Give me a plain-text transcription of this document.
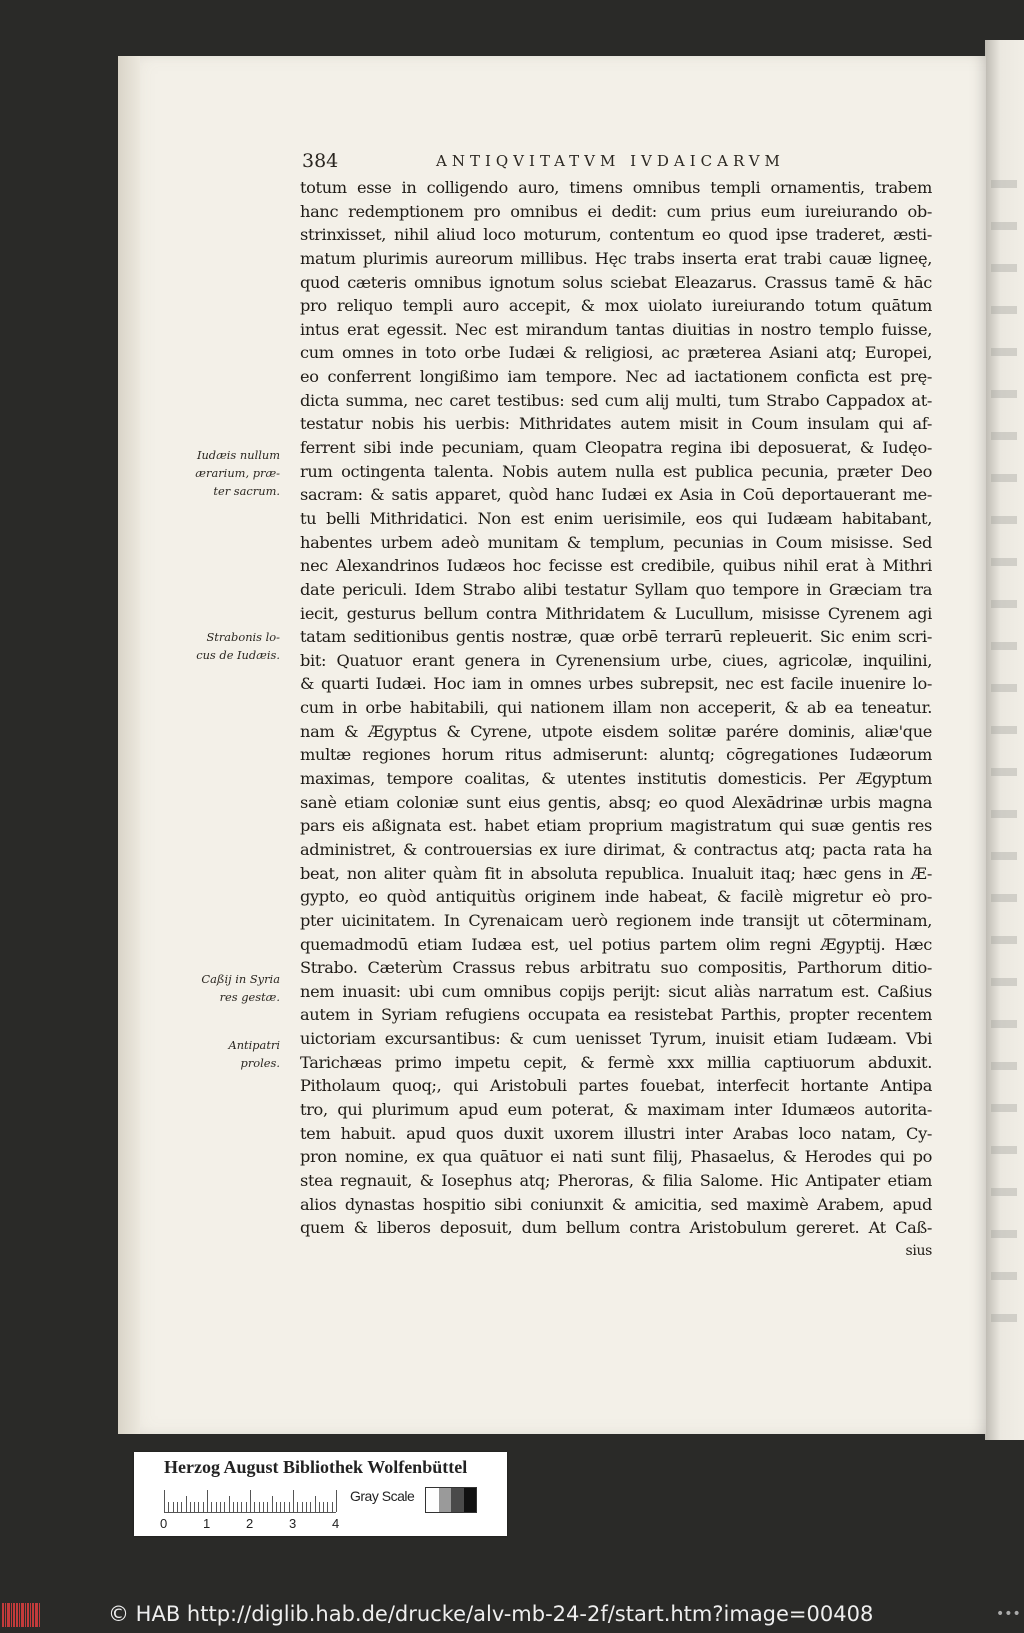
384	ANTIQVITATVM IVDAICARVM
totum esse in colligendo auro, timens omnibus templi ornamentis, trabem
hanc redemptionem pro omnibus ei dedit: cum prius eum iureiurando ob-
strinxisset, nihil aliud loco moturum, contentum eo quod ipse traderet, æsti-
matum plurimis aureorum millibus. Hęc trabs inserta erat trabi cauæ ligneę,
quod cæteris omnibus ignotum solus sciebat Eleazarus. Crassus tamē & hāc
pro reliquo templi auro accepit, & mox uiolato iureiurando totum quātum
intus erat egessit. Nec est mirandum tantas diuitias in nostro templo fuisse,
cum omnes in toto orbe Iudæi & religiosi, ac præterea Asiani atq; Europei,
eo conferrent longißimo iam tempore. Nec ad iactationem conficta est prę-
dicta summa, nec caret testibus: sed cum alij multi, tum Strabo Cappadox at-
testatur nobis his uerbis: Mithridates autem misit in Coum insulam qui af-
ferrent sibi inde pecuniam, quam Cleopatra regina ibi deposuerat, & Iudęo-
rum octingenta talenta. Nobis autem nulla est publica pecunia, præter Deo
sacram: & satis apparet, quòd hanc Iudæi ex Asia in Coū deportauerant me-
tu belli Mithridatici. Non est enim uerisimile, eos qui Iudæam habitabant,
habentes urbem adeò munitam & templum, pecunias in Coum misisse. Sed
nec Alexandrinos Iudæos hoc fecisse est credibile, quibus nihil erat à Mithri
date periculi. Idem Strabo alibi testatur Syllam quo tempore in Græciam tra
iecit, gesturus bellum contra Mithridatem & Lucullum, misisse Cyrenem agi
tatam seditionibus gentis nostræ, quæ orbē terrarū repleuerit. Sic enim scri-
bit: Quatuor erant genera in Cyrenensium urbe, ciues, agricolæ, inquilini,
& quarti Iudæi. Hoc iam in omnes urbes subrepsit, nec est facile inuenire lo-
cum in orbe habitabili, qui nationem illam non acceperit, & ab ea teneatur.
nam & Ægyptus & Cyrene, utpote eisdem solitæ parére dominis, aliæ'que
multæ regiones horum ritus admiserunt: aluntq; cōgregationes Iudæorum
maximas, tempore coalitas, & utentes institutis domesticis. Per Ægyptum
sanè etiam coloniæ sunt eius gentis, absq; eo quod Alexādrinæ urbis magna
pars eis aßignata est. habet etiam proprium magistratum qui suæ gentis res
administret, & controuersias ex iure dirimat, & contractus atq; pacta rata ha
beat, non aliter quàm fit in absoluta republica. Inualuit itaq; hæc gens in Æ-
gypto, eo quòd antiquitùs originem inde habeat, & facilè migretur eò pro-
pter uicinitatem. In Cyrenaicam uerò regionem inde transijt ut cōterminam,
quemadmodū etiam Iudæa est, uel potius partem olim regni Ægyptij. Hæc
Strabo. Cæterùm Crassus rebus arbitratu suo compositis, Parthorum ditio-
nem inuasit: ubi cum omnibus copijs perijt: sicut aliàs narratum est. Caßius
autem in Syriam refugiens occupata ea resistebat Parthis, propter recentem
uictoriam excursantibus: & cum uenisset Tyrum, inuisit etiam Iudæam. Vbi
Tarichæas primo impetu cepit, & fermè xxx millia captiuorum abduxit.
Pitholaum quoq;, qui Aristobuli partes fouebat, interfecit hortante Antipa
tro, qui plurimum apud eum poterat, & maximam inter Idumæos autorita-
tem habuit. apud quos duxit uxorem illustri inter Arabas loco natam, Cy-
pron nomine, ex qua quātuor ei nati sunt filij, Phasaelus, & Herodes qui po
stea regnauit, & Iosephus atq; Pheroras, & filia Salome. Hic Antipater etiam
alios dynastas hospitio sibi coniunxit & amicitia, sed maximè Arabem, apud
quem & liberos deposuit, dum bellum contra Aristobulum gereret. At Caß-
sius
Iudæis nullum
ærarium, præ-
ter sacrum.
Strabonis lo-
cus de Iudæis.
Caßij in Syria
res gestæ.
Antipatri
proles.
Herzog August Bibliothek Wolfenbüttel
0	1	2	3	4
Gray Scale
© HAB http://diglib.hab.de/drucke/alv-mb-24-2f/start.htm?image=00408	•••
